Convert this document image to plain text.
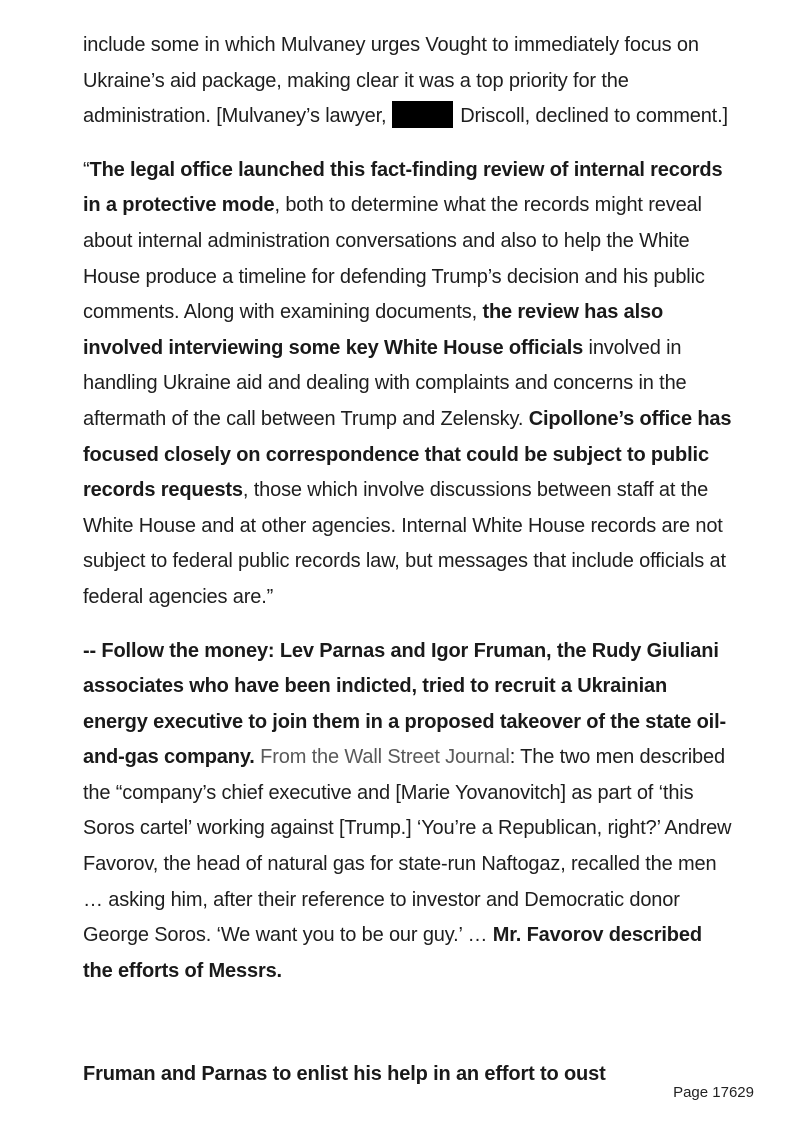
include some in which Mulvaney urges Vought to immediately focus on Ukraine’s aid package, making clear it was a top priority for the administration. [Mulvaney’s lawyer,	Driscoll, declined to comment.]

“The legal office launched this fact-finding review of internal records in a protective mode, both to determine what the records might reveal about internal administration conversations and also to help the White House produce a timeline for defending Trump’s decision and his public comments. Along with examining documents, the review has also involved interviewing some key White House officials involved in handling Ukraine aid and dealing with complaints and concerns in the aftermath of the call between Trump and Zelensky. Cipollone’s office has focused closely on correspondence that could be subject to public records requests, those which involve discussions between staff at the White House and at other agencies. Internal White House records are not subject to federal public records law, but messages that include officials at federal agencies are.”

-- Follow the money: Lev Parnas and Igor Fruman, the Rudy Giuliani associates who have been indicted, tried to recruit a Ukrainian energy executive to join them in a proposed takeover of the state oil-and-gas company. From the Wall Street Journal: The two men described the “company’s chief executive and [Marie Yovanovitch] as part of ‘this Soros cartel’ working against [Trump.] ‘You’re a Republican, right?’ Andrew Favorov, the head of natural gas for state-run Naftogaz, recalled the men … asking him, after their reference to investor and Democratic donor George Soros. ‘We want you to be our guy.’ … Mr. Favorov described the efforts of Messrs.

Fruman and Parnas to enlist his help in an effort to oust
Page 17629
